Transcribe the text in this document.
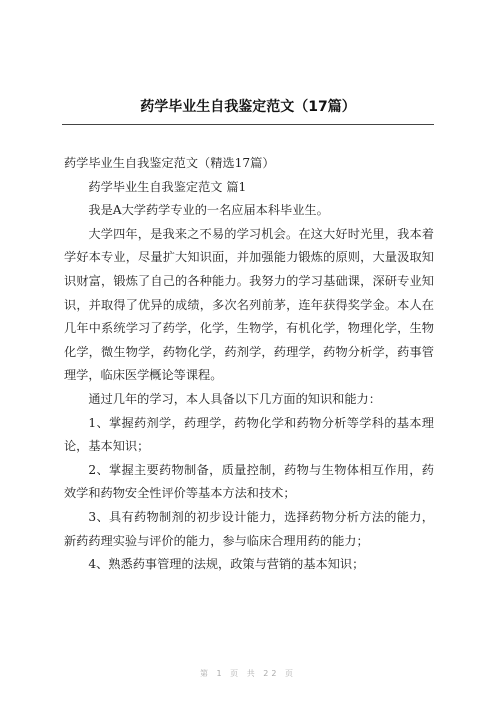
药学毕业生自我鉴定范文（17篇）

药学毕业生自我鉴定范文（精选17篇）

药学毕业生自我鉴定范文 篇1

我是A大学药学专业的一名应届本科毕业生。

大学四年，是我来之不易的学习机会。在这大好时光里，我本着学好本专业，尽量扩大知识面，并加强能力锻炼的原则，大量汲取知识财富，锻炼了自己的各种能力。我努力的学习基础课，深研专业知识，并取得了优异的成绩，多次名列前茅，连年获得奖学金。本人在几年中系统学习了药学，化学，生物学，有机化学，物理化学，生物化学，微生物学，药物化学，药剂学，药理学，药物分析学，药事管理学，临床医学概论等课程。

通过几年的学习，本人具备以下几方面的知识和能力：

1、掌握药剂学，药理学，药物化学和药物分析等学科的基本理论，基本知识；

2、掌握主要药物制备，质量控制，药物与生物体相互作用，药效学和药物安全性评价等基本方法和技术；

3、具有药物制剂的初步设计能力，选择药物分析方法的能力，新药药理实验与评价的能力，参与临床合理用药的能力；

4、熟悉药事管理的法规，政策与营销的基本知识；

第 1 页 共 22 页
